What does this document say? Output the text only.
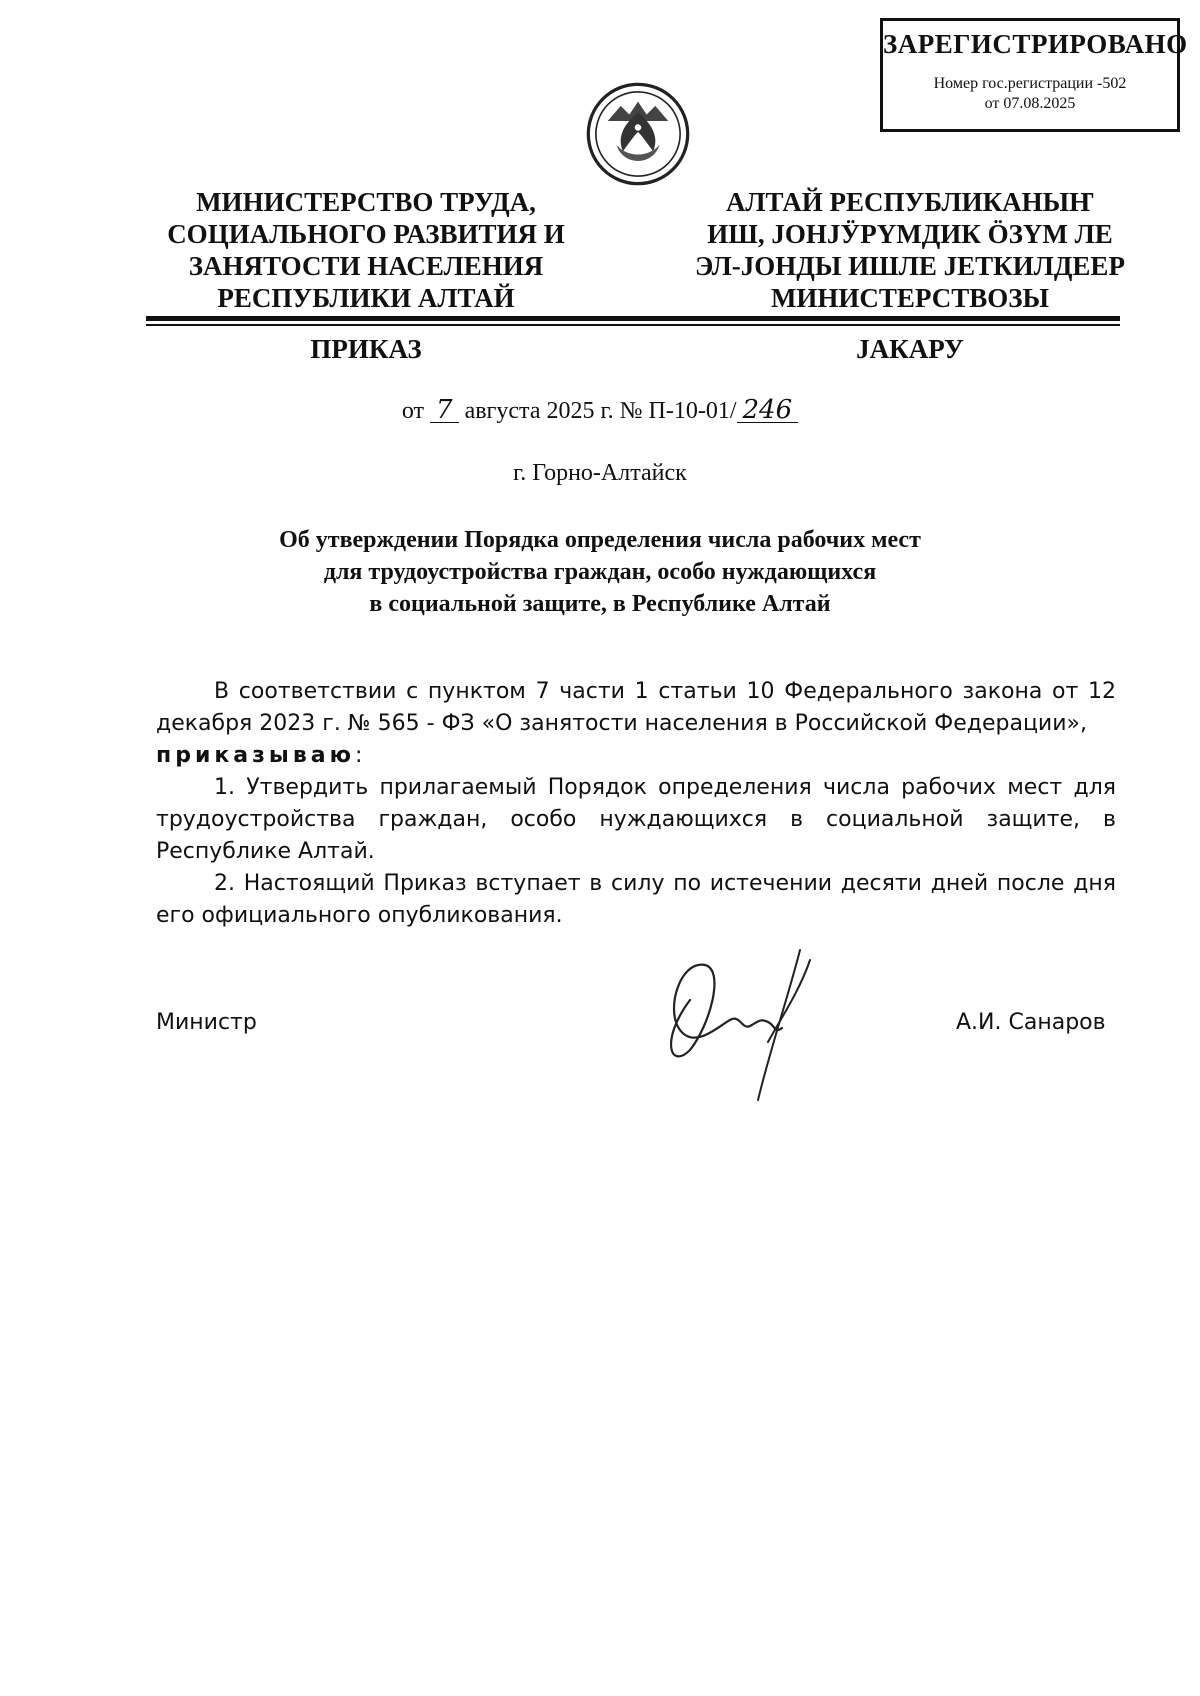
ЗАРЕГИСТРИРОВАНО
Номер гос.регистрации -502
от 07.08.2025
МИНИСТЕРСТВО ТРУДА,
СОЦИАЛЬНОГО РАЗВИТИЯ И
ЗАНЯТОСТИ НАСЕЛЕНИЯ
РЕСПУБЛИКИ АЛТАЙ
АЛТАЙ РЕСПУБЛИКАНЫҤ
ИШ, ЈОНЈӰРҮМДИК ӦЗҮМ ЛЕ
ЭЛ-ЈОНДЫ ИШЛЕ ЈЕТКИЛДЕЕР
МИНИСТЕРСТВОЗЫ
ПРИКАЗ	ЈАКАРУ
от 7 августа 2025 г. № П-10-01/ 246
г. Горно-Алтайск
Об утверждении Порядка определения числа рабочих мест
для трудоустройства граждан, особо нуждающихся
в социальной защите, в Республике Алтай

В соответствии с пунктом 7 части 1 статьи 10 Федерального закона от 12 декабря 2023 г. № 565 - ФЗ «О занятости населения в Российской Федерации»,

приказываю:

1. Утвердить прилагаемый Порядок определения числа рабочих мест для трудоустройства граждан, особо нуждающихся в социальной защите, в Республике Алтай.

2. Настоящий Приказ вступает в силу по истечении десяти дней после дня его официального опубликования.

Министр	А.И. Санаров
